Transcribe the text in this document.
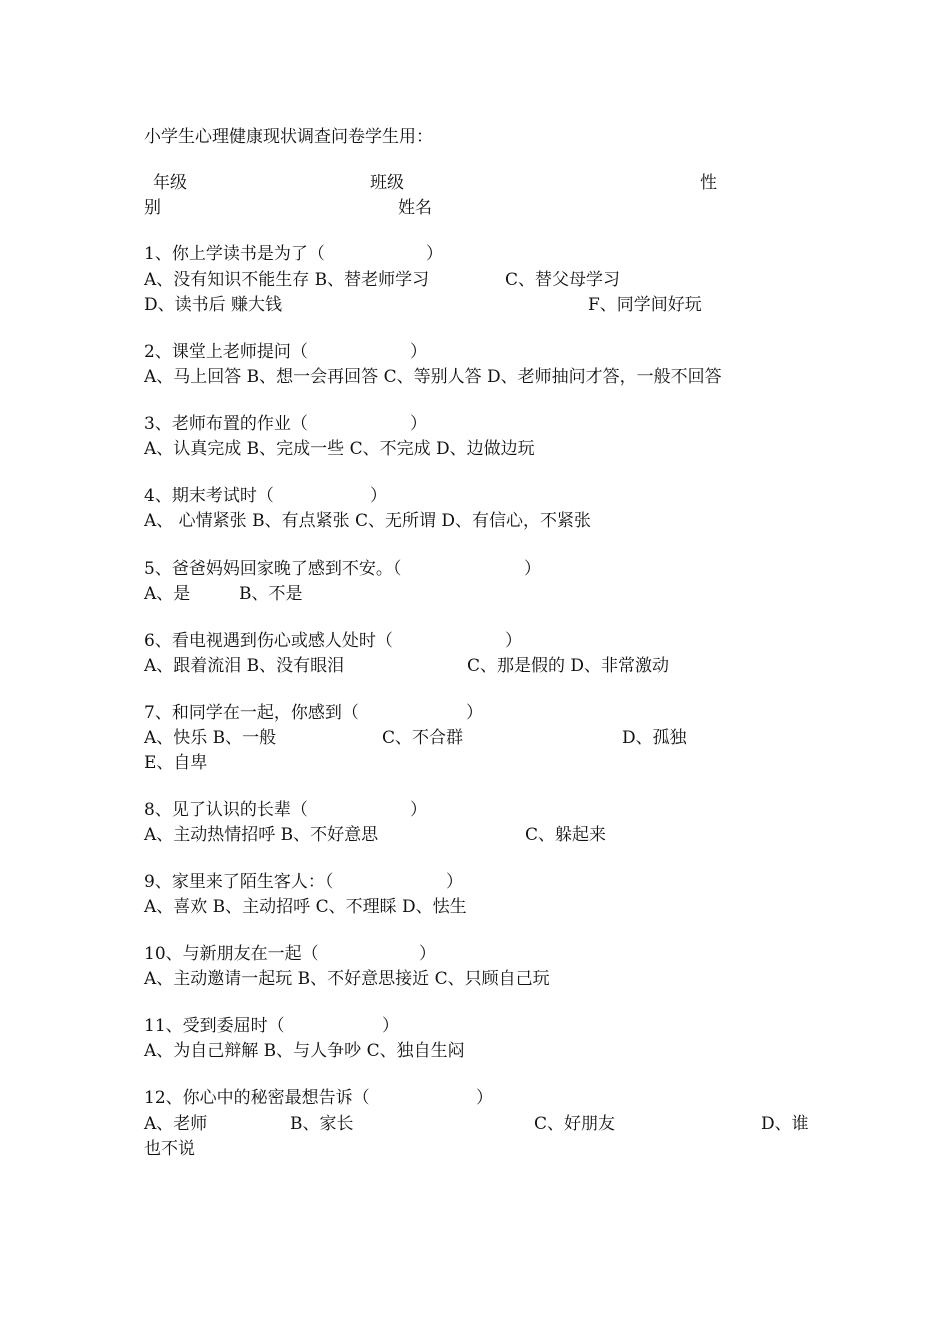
小学生心理健康现状调查问卷学生用：
年级	班级	性
别	姓名
1、你上学读书是为了（	）
A、没有知识不能生存 B、替老师学习	C、替父母学习
D、读书后 赚大钱	F、同学间好玩
2、课堂上老师提问（	）
A、马上回答 B、想一会再回答 C、等别人答 D、老师抽问才答，一般不回答
3、老师布置的作业（	）
A、认真完成 B、完成一些 C、不完成 D、边做边玩
4、期末考试时（	）
A、 心情紧张 B、有点紧张 C、无所谓 D、有信心，不紧张
5、爸爸妈妈回家晚了感到不安。（	）
A、是	B、不是
6、看电视遇到伤心或感人处时（	）
A、跟着流泪 B、没有眼泪	C、那是假的 D、非常激动
7、和同学在一起，你感到（	）
A、快乐 B、一般	C、不合群	D、孤独
E、自卑
8、见了认识的长辈（	）
A、主动热情招呼 B、不好意思	C、躲起来
9、家里来了陌生客人：（	）
A、喜欢 B、主动招呼 C、不理睬 D、怯生
10、与新朋友在一起（	）
A、主动邀请一起玩 B、不好意思接近 C、只顾自己玩
11、受到委屈时（	）
A、为自己辩解 B、与人争吵 C、独自生闷
12、你心中的秘密最想告诉（	）
A、老师	B、家长	C、好朋友	D、谁
也不说
